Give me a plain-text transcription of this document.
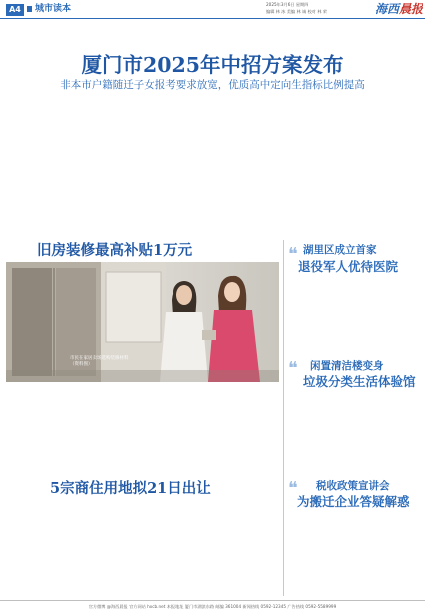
A4	城市读本	2025年3月6日 星期四
编辑 林 冰 美编 林 诚 校对 林 荣	海西晨报
厦门市2025年中招方案发布
非本市户籍随迁子女报考要求放宽，优质高中定向生指标比例提高
旧房装修最高补贴1万元
市民在家居卖场选购装修材料（资料图）
5宗商住用地拟21日出让
❝ 湖里区成立首家
退役军人优待医院
❝ 闲置清洁楼变身
垃圾分类生活体验馆
❝ 税收政策宣讲会
为搬迁企业答疑解惑
官方微博 @海西晨报 官方网站 hxcb.net 本报地址 厦门市湖滨东路 邮编 361004 新闻热线 0592-12345 广告热线 0592-5589999
